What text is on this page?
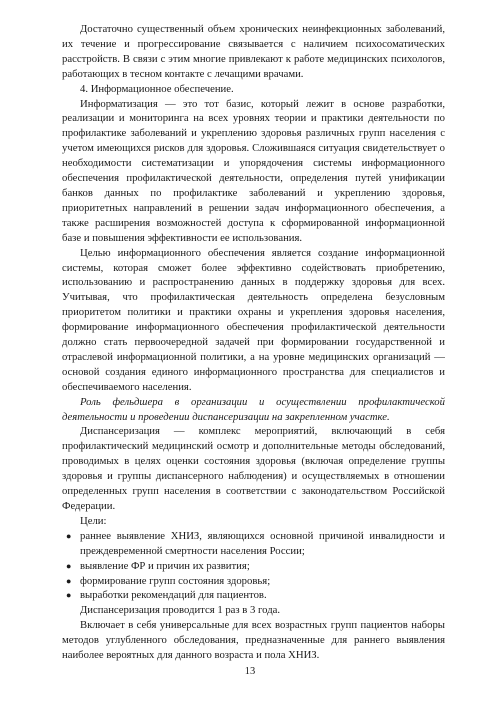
Достаточно существенный объем хронических неинфекционных заболеваний, их течение и прогрессирование связывается с наличием психосоматических расстройств. В связи с этим многие привлекают к работе медицинских психологов, работающих в тесном контакте с лечащими врачами.

4. Информационное обеспечение.

Информатизация — это тот базис, который лежит в основе разработки, реализации и мониторинга на всех уровнях теории и практики деятельности по профилактике заболеваний и укреплению здоровья различных групп населения с учетом имеющихся рисков для здоровья. Сложившаяся ситуация свидетельствует о необходимости систематизации и упорядочения системы информационного обеспечения профилактической деятельности, определения путей унификации банков данных по профилактике заболеваний и укреплению здоровья, приоритетных направлений в решении задач информационного обеспечения, а также расширения возможностей доступа к сформированной информационной базе и повышения эффективности ее использования.

Целью информационного обеспечения является создание информационной системы, которая сможет более эффективно содействовать приобретению, использованию и распространению данных в поддержку здоровья для всех. Учитывая, что профилактическая деятельность определена безусловным приоритетом политики и практики охраны и укрепления здоровья населения, формирование информационного обеспечения профилактической деятельности должно стать первоочередной задачей при формировании государственной и отраслевой информационной политики, а на уровне медицинских организаций — основой создания единого информационного пространства для специалистов и обеспечиваемого населения.

Роль фельдшера в организации и осуществлении профилактической деятельности и проведении диспансеризации на закрепленном участке.

Диспансеризация — комплекс мероприятий, включающий в себя профилактический медицинский осмотр и дополнительные методы обследований, проводимых в целях оценки состояния здоровья (включая определение группы здоровья и группы диспансерного наблюдения) и осуществляемых в отношении определенных групп населения в соответствии с законодательством Российской Федерации.

Цели:

● раннее выявление ХНИЗ, являющихся основной причиной инвалидности и преждевременной смертности населения России;
● выявление ФР и причин их развития;
● формирование групп состояния здоровья;
● выработки рекомендаций для пациентов.

Диспансеризация проводится 1 раз в 3 года.

Включает в себя универсальные для всех возрастных групп пациентов наборы методов углубленного обследования, предназначенные для раннего выявления наиболее вероятных для данного возраста и пола ХНИЗ.

13
